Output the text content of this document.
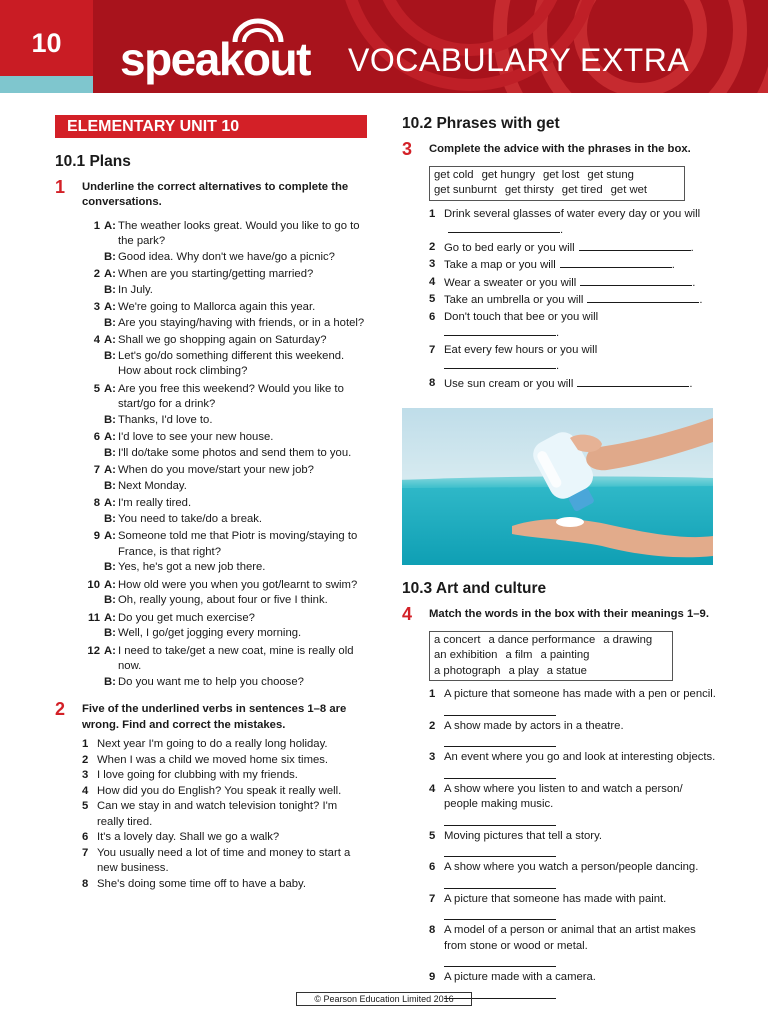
10	speakout VOCABULARY EXTRA
ELEMENTARY UNIT 10
10.1 Plans
1	Underline the correct alternatives to complete the conversations.
1 A: The weather looks great. Would you like to go to the park?
B: Good idea. Why don't we have/go a picnic?
2 A: When are you starting/getting married?
B: In July.
3 A: We're going to Mallorca again this year.
B: Are you staying/having with friends, or in a hotel?
4 A: Shall we go shopping again on Saturday?
B: Let's go/do something different this weekend. How about rock climbing?
5 A: Are you free this weekend? Would you like to start/go for a drink?
B: Thanks, I'd love to.
6 A: I'd love to see your new house.
B: I'll do/take some photos and send them to you.
7 A: When do you move/start your new job?
B: Next Monday.
8 A: I'm really tired.
B: You need to take/do a break.
9 A: Someone told me that Piotr is moving/staying to France, is that right?
B: Yes, he's got a new job there.
10 A: How old were you when you got/learnt to swim?
B: Oh, really young, about four or five I think.
11 A: Do you get much exercise?
B: Well, I go/get jogging every morning.
12 A: I need to take/get a new coat, mine is really old now.
B: Do you want me to help you choose?
2	Five of the underlined verbs in sentences 1–8 are wrong. Find and correct the mistakes.
1 Next year I'm going to do a really long holiday.
2 When I was a child we moved home six times.
3 I love going for clubbing with my friends.
4 How did you do English? You speak it really well.
5 Can we stay in and watch television tonight? I'm really tired.
6 It's a lovely day. Shall we go a walk?
7 You usually need a lot of time and money to start a new business.
8 She's doing some time off to have a baby.
10.2 Phrases with get
3	Complete the advice with the phrases in the box.
get cold get hungry get lost get stung
get sunburnt get thirsty get tired get wet
1 Drink several glasses of water every day or you will.
2 Go to bed early or you will	.
3 Take a map or you will	.
4 Wear a sweater or you will	.
5 Take an umbrella or you will	.
6 Don't touch that bee or you will
.
7 Eat every few hours or you will
.
8 Use sun cream or you will	.
10.3 Art and culture
4	Match the words in the box with their meanings 1–9.
a concert a dance performance a drawing
an exhibition a film a painting
a photograph a play a statue
1 A picture that someone has made with a pen or pencil.
2 A show made by actors in a theatre.
3 An event where you go and look at interesting objects.
4 A show where you listen to and watch a person/ people making music.
5 Moving pictures that tell a story.
6 A show where you watch a person/people dancing.
7 A picture that someone has made with paint.
8 A model of a person or animal that an artist makes from stone or wood or metal.
9 A picture made with a camera.
© Pearson Education Limited 2016
